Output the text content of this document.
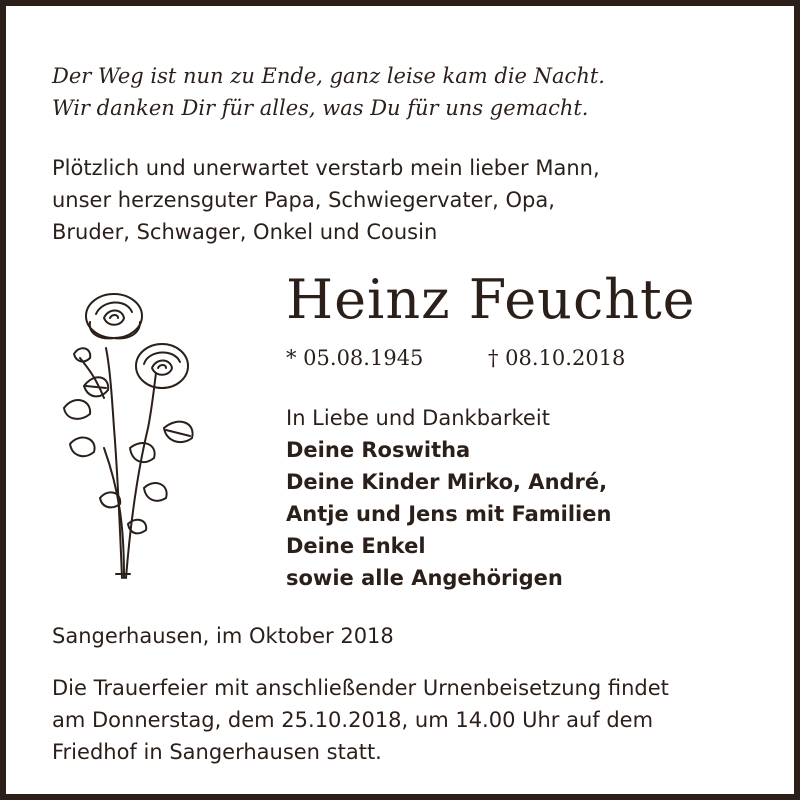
Der Weg ist nun zu Ende, ganz leise kam die Nacht.
Wir danken Dir für alles, was Du für uns gemacht.
Plötzlich und unerwartet verstarb mein lieber Mann,
unser herzensguter Papa, Schwiegervater, Opa,
Bruder, Schwager, Onkel und Cousin
Heinz Feuchte
* 05.08.1945	† 08.10.2018
In Liebe und Dankbarkeit
Deine Roswitha
Deine Kinder Mirko, André,
Antje und Jens mit Familien
Deine Enkel
sowie alle Angehörigen
Sangerhausen, im Oktober 2018
Die Trauerfeier mit anschließender Urnenbeisetzung findet
am Donnerstag, dem 25.10.2018, um 14.00 Uhr auf dem
Friedhof in Sangerhausen statt.
